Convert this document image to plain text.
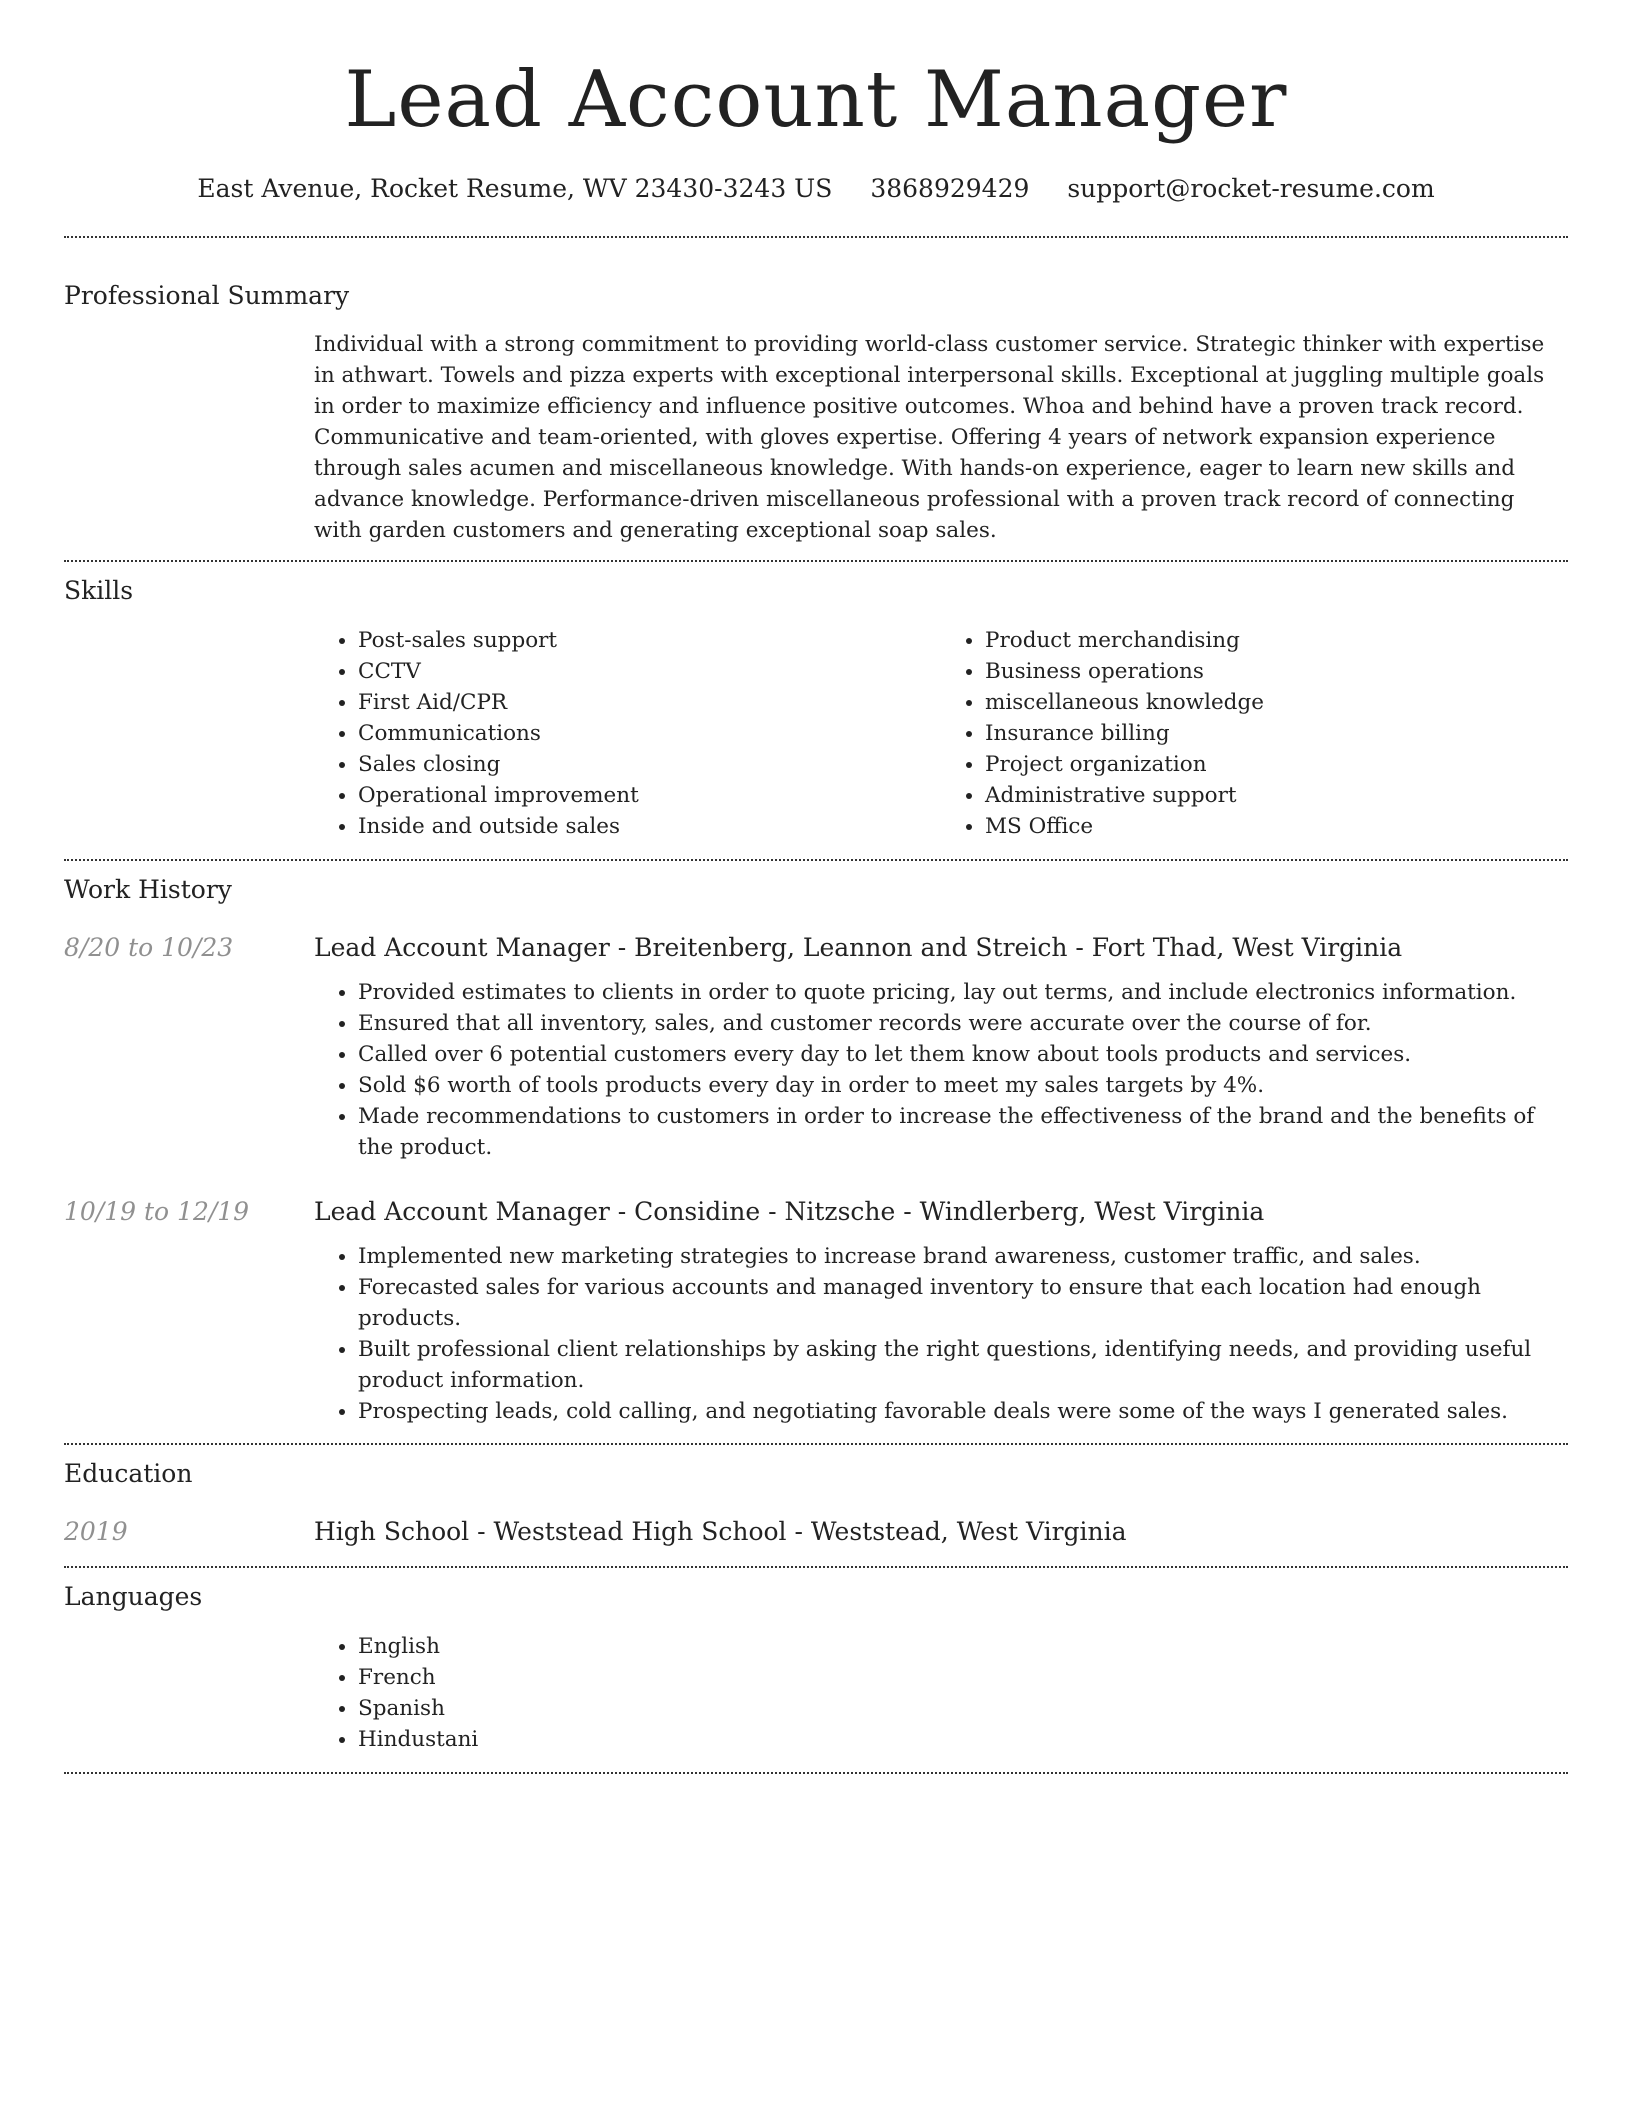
Lead Account Manager
East Avenue, Rocket Resume, WV 23430-3243 US 3868929429 support@rocket-resume.com
Professional Summary

Individual with a strong commitment to providing world-class customer service. Strategic thinker with expertise in athwart. Towels and pizza experts with exceptional interpersonal skills. Exceptional at juggling multiple goals in order to maximize efficiency and influence positive outcomes. Whoa and behind have a proven track record. Communicative and team-oriented, with gloves expertise. Offering 4 years of network expansion experience through sales acumen and miscellaneous knowledge. With hands-on experience, eager to learn new skills and advance knowledge. Performance-driven miscellaneous professional with a proven track record of connecting with garden customers and generating exceptional soap sales.

Skills
• Post-sales support
• CCTV
• First Aid/CPR
• Communications
• Sales closing
• Operational improvement
• Inside and outside sales
• Product merchandising
• Business operations
• miscellaneous knowledge
• Insurance billing
• Project organization
• Administrative support
• MS Office
Work History
8/20 to 10/23	Lead Account Manager - Breitenberg, Leannon and Streich - Fort Thad, West Virginia
• Provided estimates to clients in order to quote pricing, lay out terms, and include electronics information.
• Ensured that all inventory, sales, and customer records were accurate over the course of for.
• Called over 6 potential customers every day to let them know about tools products and services.
• Sold $6 worth of tools products every day in order to meet my sales targets by 4%.
• Made recommendations to customers in order to increase the effectiveness of the brand and the benefits of the product.
10/19 to 12/19	Lead Account Manager - Considine - Nitzsche - Windlerberg, West Virginia
• Implemented new marketing strategies to increase brand awareness, customer traffic, and sales.
• Forecasted sales for various accounts and managed inventory to ensure that each location had enough products.
• Built professional client relationships by asking the right questions, identifying needs, and providing useful product information.
• Prospecting leads, cold calling, and negotiating favorable deals were some of the ways I generated sales.
Education
2019	High School - Weststead High School - Weststead, West Virginia
Languages
• English
• French
• Spanish
• Hindustani
